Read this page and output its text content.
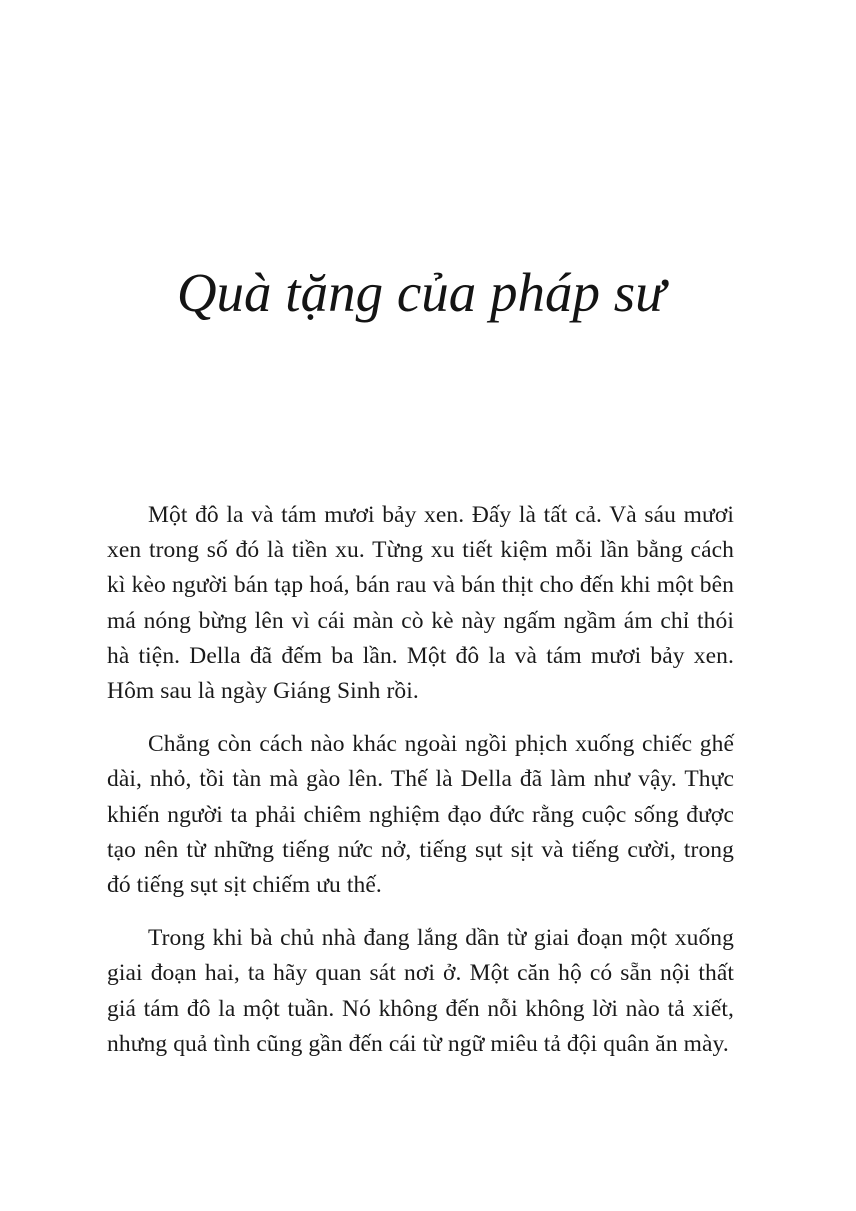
Quà tặng của pháp sư

Một đô la và tám mươi bảy xen. Đấy là tất cả. Và sáu mươi xen trong số đó là tiền xu. Từng xu tiết kiệm mỗi lần bằng cách kì kèo người bán tạp hoá, bán rau và bán thịt cho đến khi một bên má nóng bừng lên vì cái màn cò kè này ngấm ngầm ám chỉ thói hà tiện. Della đã đếm ba lần. Một đô la và tám mươi bảy xen. Hôm sau là ngày Giáng Sinh rồi.

Chẳng còn cách nào khác ngoài ngồi phịch xuống chiếc ghế dài, nhỏ, tồi tàn mà gào lên. Thế là Della đã làm như vậy. Thực khiến người ta phải chiêm nghiệm đạo đức rằng cuộc sống được tạo nên từ những tiếng nức nở, tiếng sụt sịt và tiếng cười, trong đó tiếng sụt sịt chiếm ưu thế.

Trong khi bà chủ nhà đang lắng dần từ giai đoạn một xuống giai đoạn hai, ta hãy quan sát nơi ở. Một căn hộ có sẵn nội thất giá tám đô la một tuần. Nó không đến nỗi không lời nào tả xiết, nhưng quả tình cũng gần đến cái từ ngữ miêu tả đội quân ăn mày.
